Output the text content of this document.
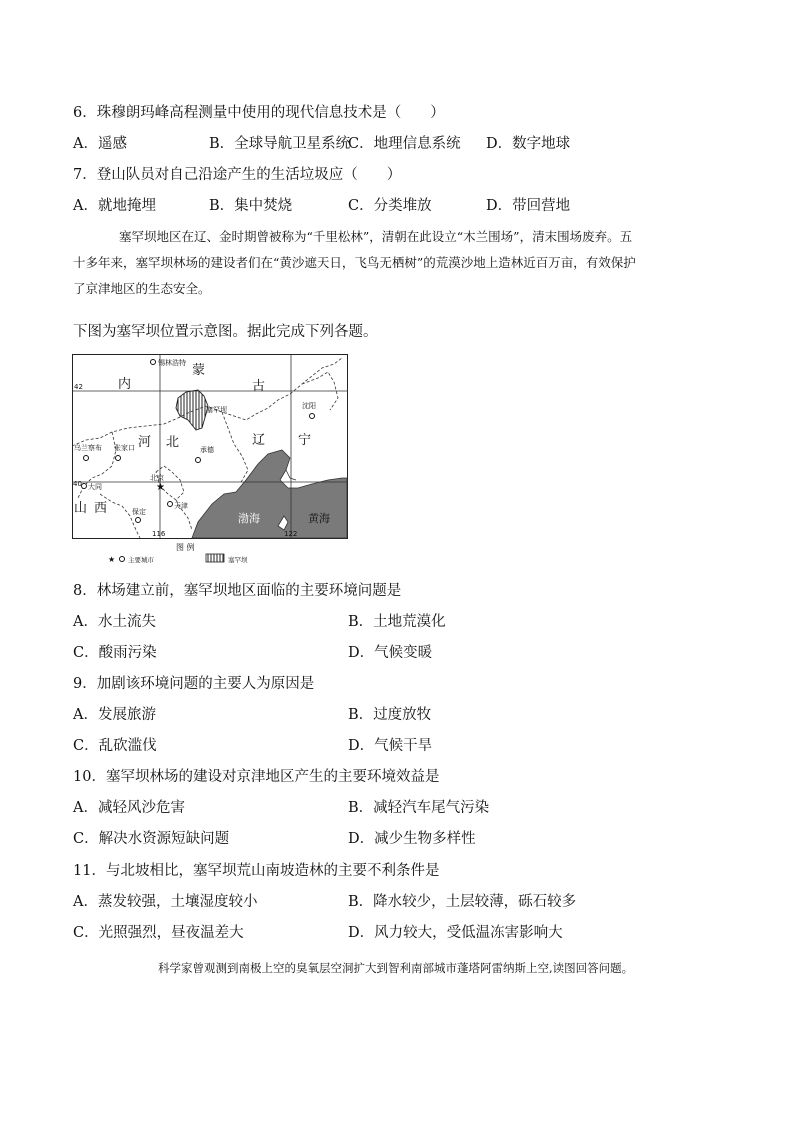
6．珠穆朗玛峰高程测量中使用的现代信息技术是（　　）
A．遥感	B．全球导航卫星系统
C．地理信息系统 D．数字地球
7．登山队员对自己沿途产生的生活垃圾应（　　）
A．就地掩埋	B．集中焚烧	C．分类堆放	D．带回营地
塞罕坝地区在辽、金时期曾被称为“千里松林”，清朝在此设立“木兰围场”，清末围场废弃。五
十多年来，塞罕坝林场的建设者们在“黄沙遮天日，飞鸟无栖树”的荒漠沙地上造林近百万亩，有效保护
了京津地区的生态安全。
下图为塞罕坝位置示意图。据此完成下列各题。
内
蒙
古
河 北	辽	宁
山 西
渤海	黄海
锡林浩特
塞罕坝	沈阳
乌兰察布 张家口	承德
北京
★
大同
天津
保定
42
40
116	122
图 例
★ 主要城市	塞罕坝
8．林场建立前，塞罕坝地区面临的主要环境问题是
A．水土流失	B．土地荒漠化
C．酸雨污染	D．气候变暖
9．加剧该环境问题的主要人为原因是
A．发展旅游	B．过度放牧
C．乱砍滥伐	D．气候干旱
10．塞罕坝林场的建设对京津地区产生的主要环境效益是
A．减轻风沙危害	B．减轻汽车尾气污染
C．解决水资源短缺问题	D．减少生物多样性
11．与北坡相比，塞罕坝荒山南坡造林的主要不利条件是
A．蒸发较强，土壤湿度较小	B．降水较少，土层较薄，砾石较多
C．光照强烈，昼夜温差大	D．风力较大，受低温冻害影响大
科学家曾观测到南极上空的臭氧层空洞扩大到智利南部城市蓬塔阿雷纳斯上空,读图回答问题。
